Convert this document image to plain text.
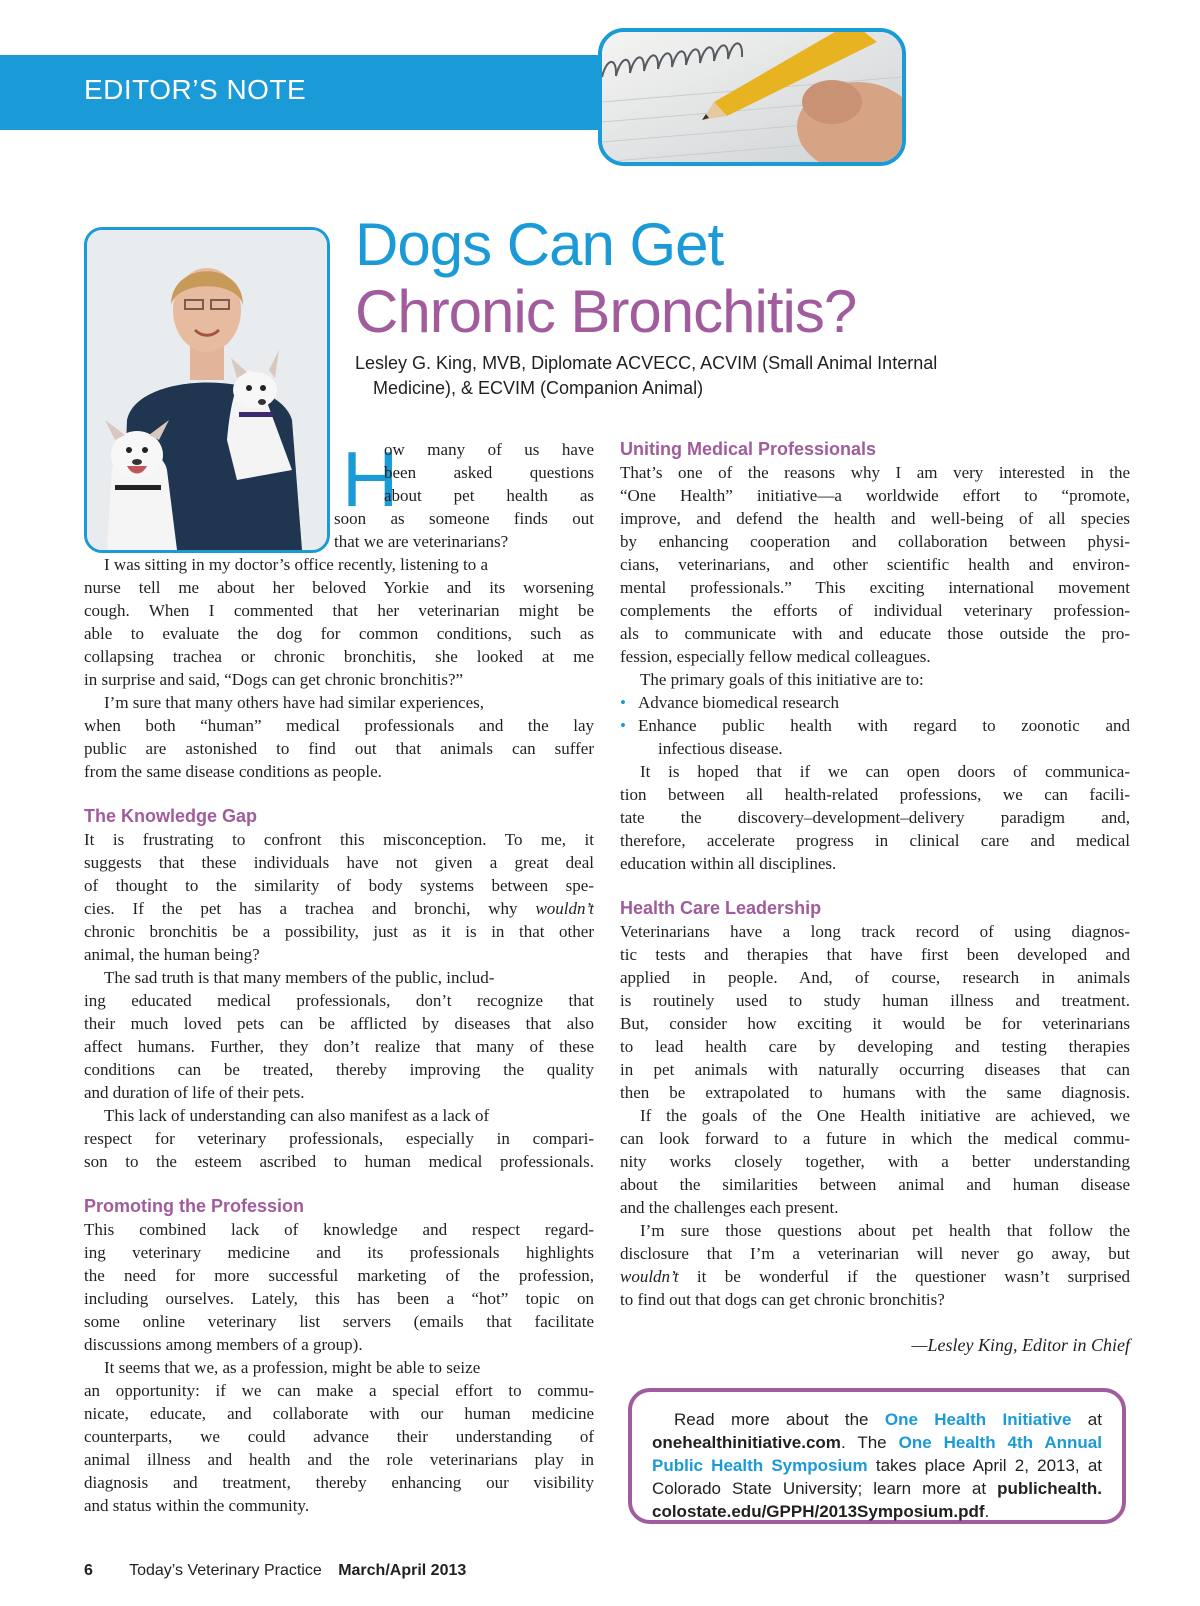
EDITOR’S NOTE
Dogs Can Get
Chronic Bronchitis?
Lesley G. King, MVB, Diplomate ACVECC, ACVIM (Small Animal Internal
Medicine), & ECVIM (Companion Animal)
H
ow many of us have
been asked questions
about pet health as
soon as someone finds out
that we are veterinarians?
I was sitting in my doctor’s office recently, listening to a
nurse tell me about her beloved Yorkie and its worsening
cough. When I commented that her veterinarian might be
able to evaluate the dog for common conditions, such as
collapsing trachea or chronic bronchitis, she looked at me
in surprise and said, “Dogs can get chronic bronchitis?”
I’m sure that many others have had similar experiences,
when both “human” medical professionals and the lay
public are astonished to find out that animals can suffer
from the same disease conditions as people.
The Knowledge Gap
It is frustrating to confront this misconception. To me, it
suggests that these individuals have not given a great deal
of thought to the similarity of body systems between spe-
cies. If the pet has a trachea and bronchi, why wouldn’t
chronic bronchitis be a possibility, just as it is in that other
animal, the human being?
The sad truth is that many members of the public, includ-
ing educated medical professionals, don’t recognize that
their much loved pets can be afflicted by diseases that also
affect humans. Further, they don’t realize that many of these
conditions can be treated, thereby improving the quality
and duration of life of their pets.
This lack of understanding can also manifest as a lack of
respect for veterinary professionals, especially in compari-
son to the esteem ascribed to human medical professionals.
Promoting the Profession
This combined lack of knowledge and respect regard-
ing veterinary medicine and its professionals highlights
the need for more successful marketing of the profession,
including ourselves. Lately, this has been a “hot” topic on
some online veterinary list servers (emails that facilitate
discussions among members of a group).
It seems that we, as a profession, might be able to seize
an opportunity: if we can make a special effort to commu-
nicate, educate, and collaborate with our human medicine
counterparts, we could advance their understanding of
animal illness and health and the role veterinarians play in
diagnosis and treatment, thereby enhancing our visibility
and status within the community.
Uniting Medical Professionals
That’s one of the reasons why I am very interested in the
“One Health” initiative—a worldwide effort to “promote,
improve, and defend the health and well-being of all species
by enhancing cooperation and collaboration between physi-
cians, veterinarians, and other scientific health and environ-
mental professionals.” This exciting international movement
complements the efforts of individual veterinary profession-
als to communicate with and educate those outside the pro-
fession, especially fellow medical colleagues.
The primary goals of this initiative are to:
• Advance biomedical research
• Enhance public health with regard to zoonotic and
infectious disease.
It is hoped that if we can open doors of communica-
tion between all health-related professions, we can facili-
tate the discovery–development–delivery paradigm and,
therefore, accelerate progress in clinical care and medical
education within all disciplines.
Health Care Leadership
Veterinarians have a long track record of using diagnos-
tic tests and therapies that have first been developed and
applied in people. And, of course, research in animals
is routinely used to study human illness and treatment.
But, consider how exciting it would be for veterinarians
to lead health care by developing and testing therapies
in pet animals with naturally occurring diseases that can
then be extrapolated to humans with the same diagnosis.
If the goals of the One Health initiative are achieved, we
can look forward to a future in which the medical commu-
nity works closely together, with a better understanding
about the similarities between animal and human disease
and the challenges each present.
I’m sure those questions about pet health that follow the
disclosure that I’m a veterinarian will never go away, but
wouldn’t it be wonderful if the questioner wasn’t surprised
to find out that dogs can get chronic bronchitis?
—Lesley King, Editor in Chief
Read more about the One Health Initiative at
onehealthinitiative.com. The One Health 4th Annual
Public Health Symposium takes place April 2, 2013, at
Colorado State University; learn more at publichealth.
colostate.edu/GPPH/2013Symposium.pdf.
6 Today’s Veterinary Practice March/April 2013
